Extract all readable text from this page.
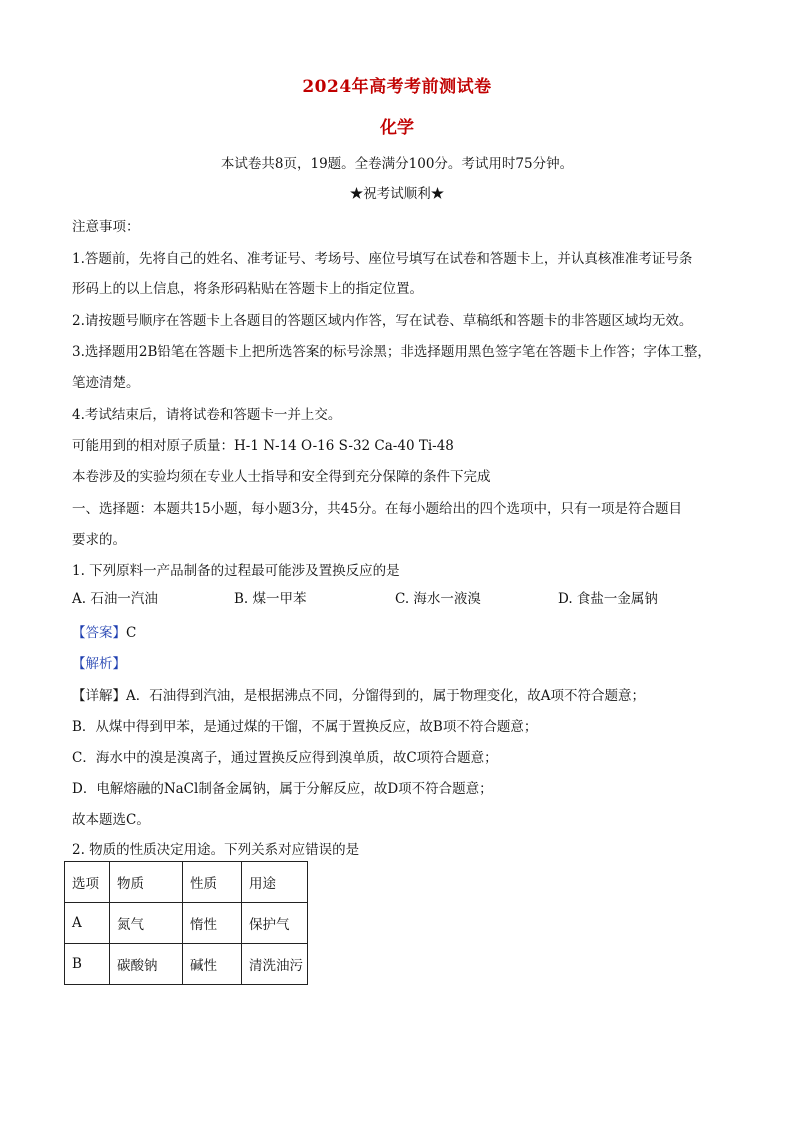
2024年高考考前测试卷
化学
本试卷共8页，19题。全卷满分100分。考试用时75分钟。
★祝考试顺利★
注意事项：
1.答题前，先将自己的姓名、准考证号、考场号、座位号填写在试卷和答题卡上，并认真核准准考证号条
形码上的以上信息，将条形码粘贴在答题卡上的指定位置。
2.请按题号顺序在答题卡上各题目的答题区域内作答，写在试卷、草稿纸和答题卡的非答题区域均无效。
3.选择题用2B铅笔在答题卡上把所选答案的标号涂黑；非选择题用黑色签字笔在答题卡上作答；字体工整，
笔迹清楚。
4.考试结束后，请将试卷和答题卡一并上交。
可能用到的相对原子质量：H-1 N-14 O-16 S-32 Ca-40 Ti-48
本卷涉及的实验均须在专业人士指导和安全得到充分保障的条件下完成
一、选择题：本题共15小题，每小题3分，共45分。在每小题给出的四个选项中，只有一项是符合题目
要求的。
1. 下列原料一产品制备的过程最可能涉及置换反应的是
A. 石油一汽油	B. 煤一甲苯	C. 海水一液溴	D. 食盐一金属钠
【答案】C
【解析】
【详解】A．石油得到汽油，是根据沸点不同，分馏得到的，属于物理变化，故A项不符合题意；
B．从煤中得到甲苯，是通过煤的干馏，不属于置换反应，故B项不符合题意；
C．海水中的溴是溴离子，通过置换反应得到溴单质，故C项符合题意；
D．电解熔融的NaCl制备金属钠，属于分解反应，故D项不符合题意；
故本题选C。
2. 物质的性质决定用途。下列关系对应错误的是
选项	物质	性质	用途
A	氮气	惰性	保护气
B	碳酸钠	碱性	清洗油污
